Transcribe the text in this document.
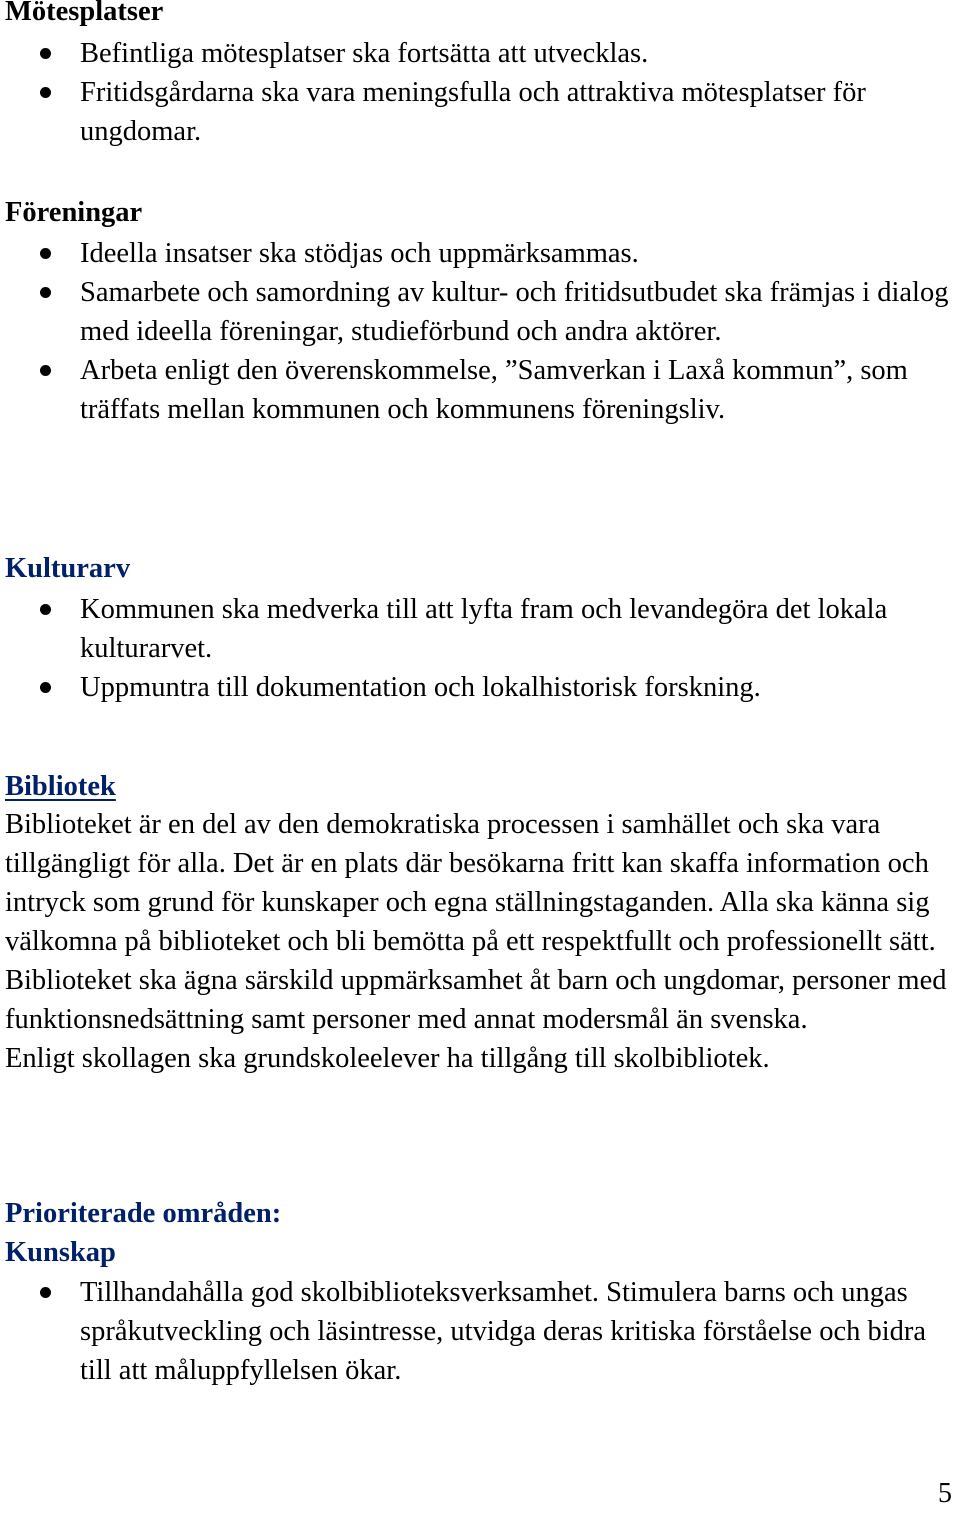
Mötesplatser
Befintliga mötesplatser ska fortsätta att utvecklas.
Fritidsgårdarna ska vara meningsfulla och attraktiva mötesplatser för ungdomar.
Föreningar
Ideella insatser ska stödjas och uppmärksammas.
Samarbete och samordning av kultur- och fritidsutbudet ska främjas i dialog med ideella föreningar, studieförbund och andra aktörer.
Arbeta enligt den överenskommelse, ”Samverkan i Laxå kommun”, som träffats mellan kommunen och kommunens föreningsliv.
Kulturarv
Kommunen ska medverka till att lyfta fram och levandegöra det lokala kulturarvet.
Uppmuntra till dokumentation och lokalhistorisk forskning.
Bibliotek

Biblioteket är en del av den demokratiska processen i samhället och ska vara tillgängligt för alla. Det är en plats där besökarna fritt kan skaffa information och intryck som grund för kunskaper och egna ställningstaganden. Alla ska känna sig välkomna på biblioteket och bli bemötta på ett respektfullt och professionellt sätt.

Biblioteket ska ägna särskild uppmärksamhet åt barn och ungdomar, personer med funktionsnedsättning samt personer med annat modersmål än svenska.

Enligt skollagen ska grundskoleelever ha tillgång till skolbibliotek.

Prioriterade områden:
Kunskap
Tillhandahålla god skolbiblioteksverksamhet. Stimulera barns och ungas språkutveckling och läsintresse, utvidga deras kritiska förståelse och bidra till att måluppfyllelsen ökar.
5
